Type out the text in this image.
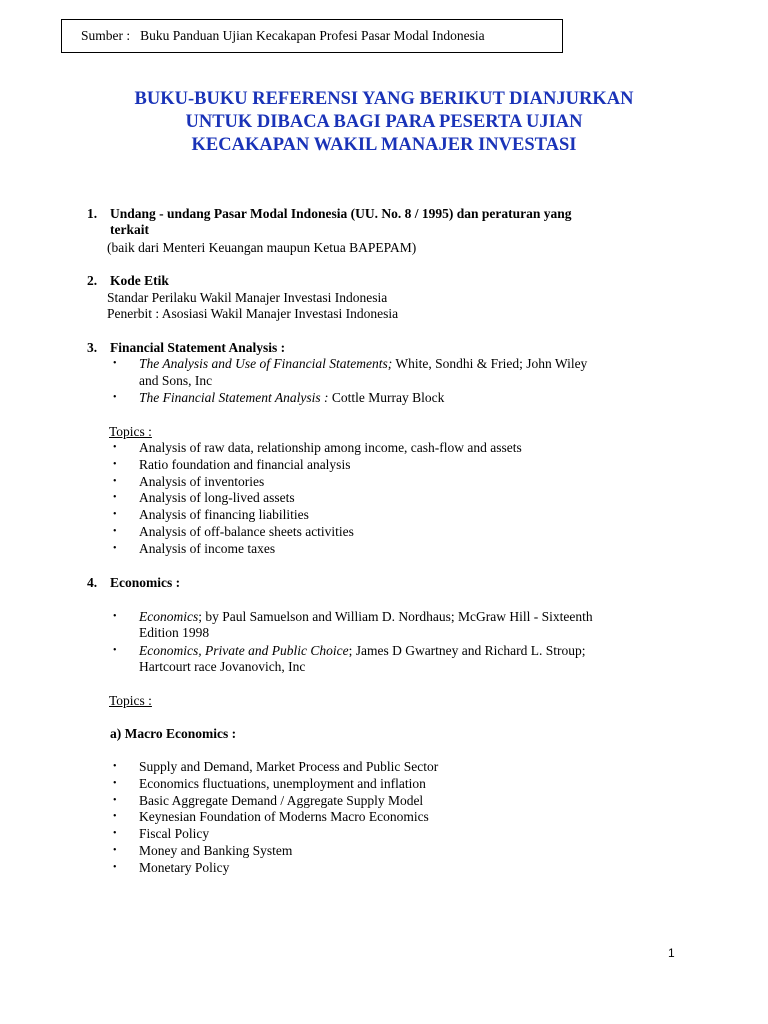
Sumber : Buku Panduan Ujian Kecakapan Profesi Pasar Modal Indonesia
BUKU-BUKU REFERENSI YANG BERIKUT DIANJURKAN
UNTUK DIBACA BAGI PARA PESERTA UJIAN
KECAKAPAN WAKIL MANAJER INVESTASI
1. Undang - undang Pasar Modal Indonesia (UU. No. 8 / 1995) dan peraturan yang
terkait
(baik dari Menteri Keuangan maupun Ketua BAPEPAM)
2. Kode Etik
Standar Perilaku Wakil Manajer Investasi Indonesia
Penerbit : Asosiasi Wakil Manajer Investasi Indonesia
3. Financial Statement Analysis :
• The Analysis and Use of Financial Statements; White, Sondhi & Fried; John Wiley
and Sons, Inc
• The Financial Statement Analysis : Cottle Murray Block
Topics :
• Analysis of raw data, relationship among income, cash-flow and assets
• Ratio foundation and financial analysis
• Analysis of inventories
• Analysis of long-lived assets
• Analysis of financing liabilities
• Analysis of off-balance sheets activities
• Analysis of income taxes
4. Economics :
• Economics; by Paul Samuelson and William D. Nordhaus; McGraw Hill - Sixteenth
Edition 1998
• Economics, Private and Public Choice; James D Gwartney and Richard L. Stroup;
Hartcourt race Jovanovich, Inc
Topics :
a) Macro Economics :
• Supply and Demand, Market Process and Public Sector
• Economics fluctuations, unemployment and inflation
• Basic Aggregate Demand / Aggregate Supply Model
• Keynesian Foundation of Moderns Macro Economics
• Fiscal Policy
• Money and Banking System
• Monetary Policy
1
